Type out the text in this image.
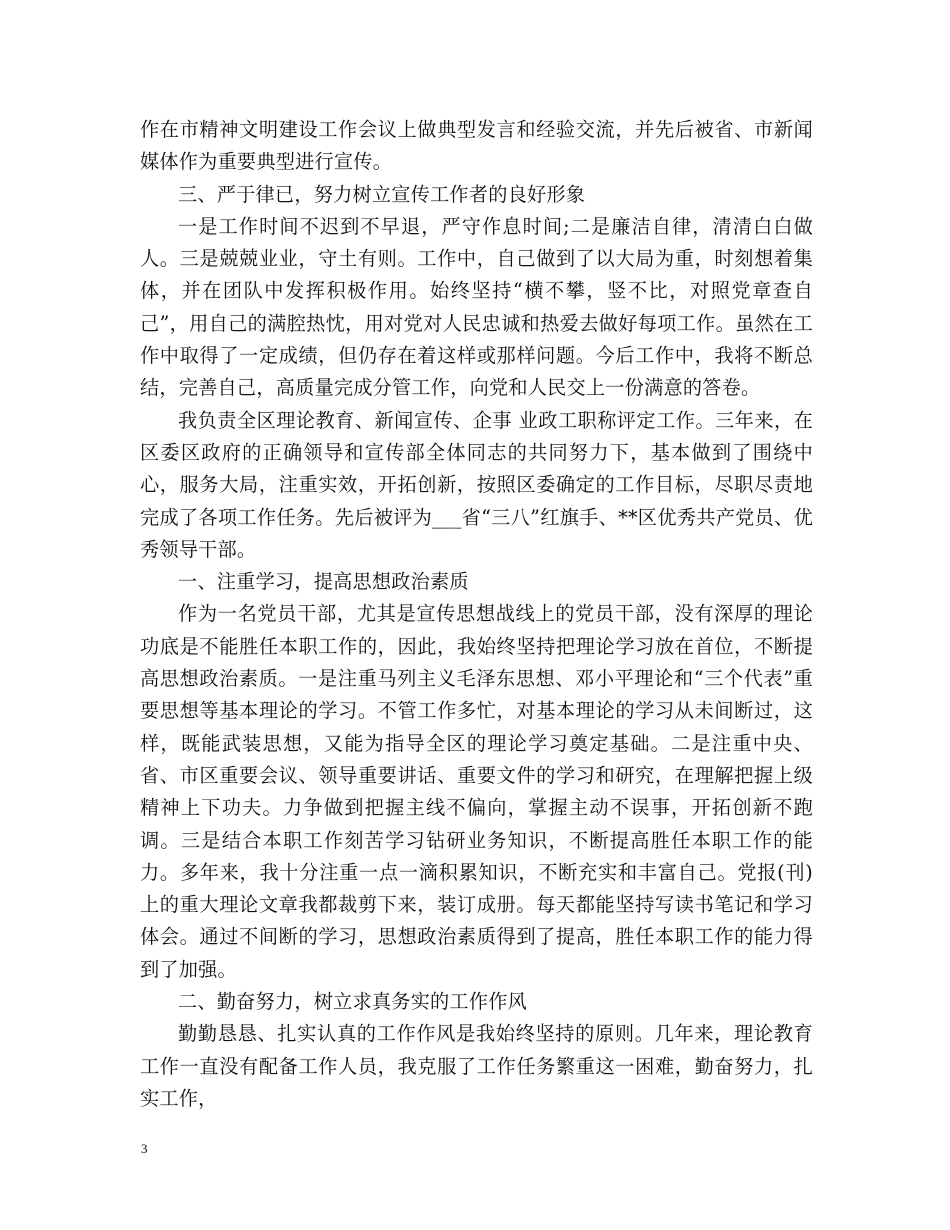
作在市精神文明建设工作会议上做典型发言和经验交流，并先后被省、市新闻媒体作为重要典型进行宣传。

三、严于律已，努力树立宣传工作者的良好形象

一是工作时间不迟到不早退，严守作息时间;二是廉洁自律，清清白白做人。三是兢兢业业，守土有则。工作中，自己做到了以大局为重，时刻想着集体，并在团队中发挥积极作用。始终坚持“横不攀，竖不比，对照党章查自己”，用自己的满腔热忱，用对党对人民忠诚和热爱去做好每项工作。虽然在工作中取得了一定成绩，但仍存在着这样或那样问题。今后工作中，我将不断总结，完善自己，高质量完成分管工作，向党和人民交上一份满意的答卷。

我负责全区理论教育、新闻宣传、企事 业政工职称评定工作。三年来，在区委区政府的正确领导和宣传部全体同志的共同努力下，基本做到了围绕中心，服务大局，注重实效，开拓创新，按照区委确定的工作目标，尽职尽责地完成了各项工作任务。先后被评为___省“三八”红旗手、**区优秀共产党员、优秀领导干部。

一、注重学习，提高思想政治素质

作为一名党员干部，尤其是宣传思想战线上的党员干部，没有深厚的理论功底是不能胜任本职工作的，因此，我始终坚持把理论学习放在首位，不断提高思想政治素质。一是注重马列主义毛泽东思想、邓小平理论和“三个代表”重要思想等基本理论的学习。不管工作多忙，对基本理论的学习从未间断过，这样，既能武装思想，又能为指导全区的理论学习奠定基础。二是注重中央、省、市区重要会议、领导重要讲话、重要文件的学习和研究，在理解把握上级精神上下功夫。力争做到把握主线不偏向，掌握主动不误事，开拓创新不跑调。三是结合本职工作刻苦学习钻研业务知识，不断提高胜任本职工作的能力。多年来，我十分注重一点一滴积累知识，不断充实和丰富自己。党报(刊)上的重大理论文章我都裁剪下来，装订成册。每天都能坚持写读书笔记和学习体会。通过不间断的学习，思想政治素质得到了提高，胜任本职工作的能力得到了加强。

二、勤奋努力，树立求真务实的工作作风

勤勤恳恳、扎实认真的工作作风是我始终坚持的原则。几年来，理论教育工作一直没有配备工作人员，我克服了工作任务繁重这一困难，勤奋努力，扎实工作，

3
